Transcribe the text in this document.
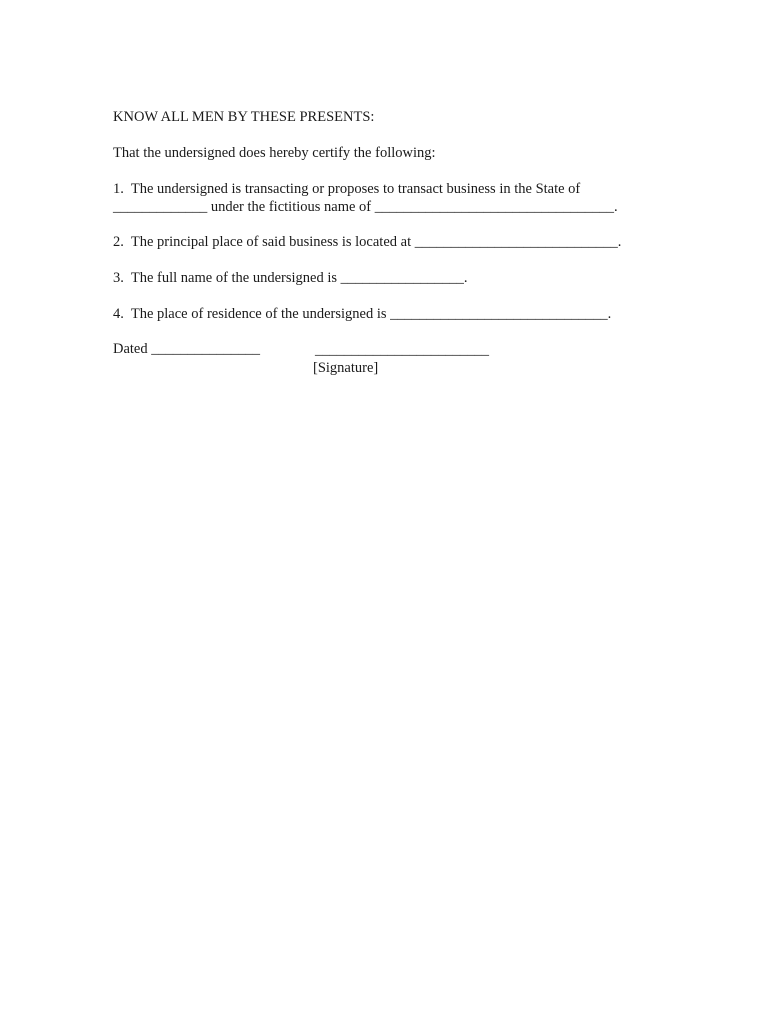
KNOW ALL MEN BY THESE PRESENTS:
That the undersigned does hereby certify the following:
1.  The undersigned is transacting or proposes to transact business in the State of
_____________ under the fictitious name of _________________________________.
2.  The principal place of said business is located at ____________________________.
3.  The full name of the undersigned is _________________.
4.  The place of residence of the undersigned is ______________________________.
Dated _______________	________________________
[Signature]
